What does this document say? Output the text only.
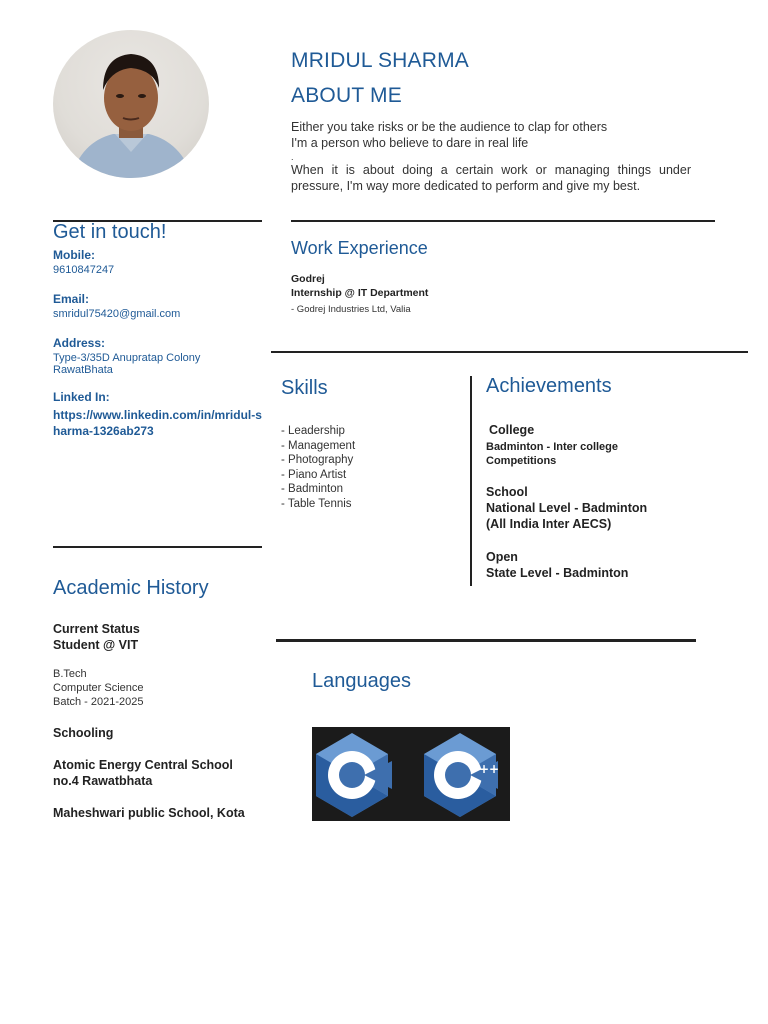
MRIDUL SHARMA
ABOUT ME

Either you take risks or be the audience to clap for others

I'm a person who believe to dare in real life

.

When it is about doing a certain work or managing things under pressure, I'm way more dedicated to perform and give my best.

Get in touch!
Mobile:
9610847247
Email:
smridul75420@gmail.com
Address:
Type-3/35D Anupratap Colony
RawatBhata
Linked In:
https://www.linkedin.com/in/mridul-sharma-1326ab273
Work Experience
Godrej
Internship @ IT Department
- Godrej Industries Ltd, Valia
Skills
- Leadership
- Management
- Photography
- Piano Artist
- Badminton
- Table Tennis
Achievements
College
Badminton - Inter college
Competitions
School
National Level - Badminton
(All India Inter AECS)
Open
State Level - Badminton
Academic History
Current Status
Student @ VIT
B.Tech
Computer Science
Batch - 2021-2025
Schooling
Atomic Energy Central School
no.4 Rawatbhata
Maheshwari public School, Kota
Languages
++
